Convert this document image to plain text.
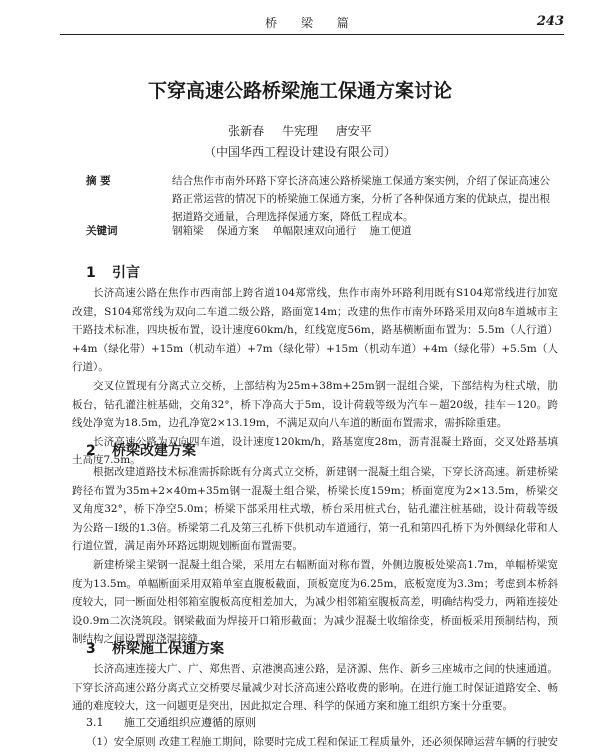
桥 梁 篇	243
下穿高速公路桥梁施工保通方案讨论
张新春 牛宪理 唐安平
（中国华西工程设计建设有限公司）
摘 要	结合焦作市南外环路下穿长济高速公路桥梁施工保通方案实例，介绍了保证高速公路正常运营的情况下的桥梁施工保通方案，分析了各种保通方案的优缺点，提出根据道路交通量，合理选择保通方案，降低工程成本。
关键词	钢箱梁 保通方案 单幅限速双向通行 施工便道
1 引言

长济高速公路在焦作市西南部上跨省道104郑常线，焦作市南外环路利用既有S104郑常线进行加宽改建，S104郑常线为双向二车道二级公路，路面宽14m；改建的焦作市南外环路采用双向8车道城市主干路技术标准，四块板布置，设计速度60km/h，红线宽度56m，路基横断面布置为：5.5m（人行道）+4m（绿化带）+15m（机动车道）+7m（绿化带）+15m（机动车道）+4m（绿化带）+5.5m（人行道）。

交叉位置现有分离式立交桥，上部结构为25m+38m+25m钢一混组合梁，下部结构为柱式墩，肋板台，钻孔灌注桩基础，交角32°，桥下净高大于5m，设计荷载等级为汽车－超20级，挂车－120。跨线处净宽为18.5m，边孔净宽2×13.19m，不满足双向八车道的断面布置需求，需拆除重建。

长济高速公路为双向四车道，设计速度120km/h，路基宽度28m，沥青混凝土路面，交叉处路基填土高度7.5m。

2 桥梁改建方案

根据改建道路技术标准需拆除既有分离式立交桥，新建钢一混凝土组合梁，下穿长济高速。新建桥梁跨径布置为35m+2×40m+35m钢一混凝土组合梁，桥梁长度159m；桥面宽度为2×13.5m，桥梁交叉角度32°，桥下净空5.0m；桥梁下部采用柱式墩，桥台采用桩式台，钻孔灌注桩基础，设计荷载等级为公路－Ⅰ级的1.3倍。桥梁第二孔及第三孔桥下供机动车道通行，第一孔和第四孔桥下为外侧绿化带和人行道位置，满足南外环路远期规划断面布置需要。

新建桥梁主梁钢一混凝土组合梁，采用左右幅断面对称布置，外侧边腹板处梁高1.7m，单幅桥梁宽度为13.5m。单幅断面采用双箱单室直腹板截面，顶板宽度为6.25m，底板宽度为3.3m；考虑到本桥斜度较大，同一断面处相邻箱室腹板高度相差加大，为减少相邻箱室腹板高差，明确结构受力，两箱连接处设0.9m二次浇筑段。钢梁截面为焊接开口箱形截面；为减少混凝土收缩徐变，桥面板采用预制结构，预制结构之间设置现浇湿接缝。

3 桥梁施工保通方案

长济高速连接大广、广、郑焦晋、京港澳高速公路，是济源、焦作、新乡三座城市之间的快速通道。下穿长济高速公路分离式立交桥要尽量减少对长济高速公路收费的影响。在进行施工时保证道路安全、畅通的难度较大，这一问题更是突出，因此拟定合理、科学的保通方案和施工组织方案十分重要。

3.1 施工交通组织应遵循的原则

（1）安全原则 改建工程施工期间，除要时完成工程和保证工程质量外，还必须保障运营车辆的行驶安
